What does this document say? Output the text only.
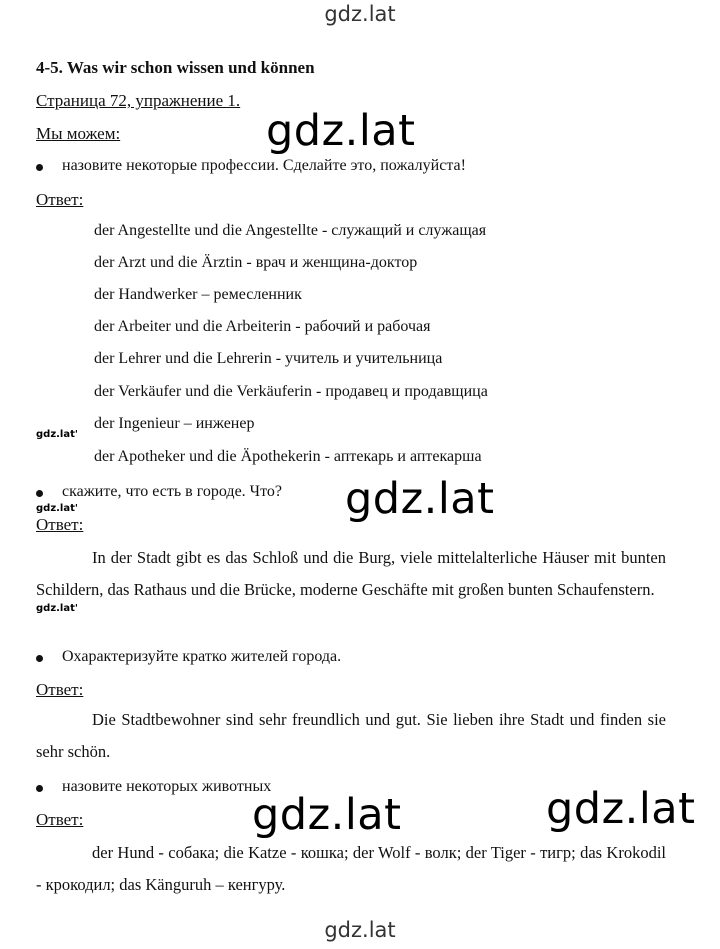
gdz.lat
gdz.lat
4-5. Was wir schon wissen und können
Страница 72, упражнение 1.
Мы можем:	gdz.lat
назовите некоторые профессии. Сделайте это, пожалуйста!
Ответ:
der Angestellte und die Angestellte - служащий и служащая
der Arzt und die Ärztin - врач и женщина-доктор
der Handwerker – ремесленник
der Arbeiter und die Arbeiterin - рабочий и рабочая
der Lehrer und die Lehrerin - учитель и учительница
der Verkäufer und die Verkäuferin - продавец и продавщица
der Ingenieur – инженер
der Apotheker und die Äpothekerin - аптекарь и аптекарша
gdz.lat'
скажите, что есть в городе. Что? gdz.lat
gdz.lat'
Ответ:
In der Stadt gibt es das Schloß und die Burg, viele mittelalterliche Häuser mit bunten Schildern, das Rathaus und die Brücke, moderne Geschäfte mit großen bunten Schaufenstern.
gdz.lat'
Охарактеризуйте кратко жителей города.
Ответ:
Die Stadtbewohner sind sehr freundlich und gut. Sie lieben ihre Stadt und finden sie sehr schön.
назовите некоторых животных
gdz.lat	gdz.lat
Ответ:
der Hund - собака; die Katze - кошка; der Wolf - волк; der Tiger - тигр; das Krokodil - крокодил; das Känguruh – кенгуру.
